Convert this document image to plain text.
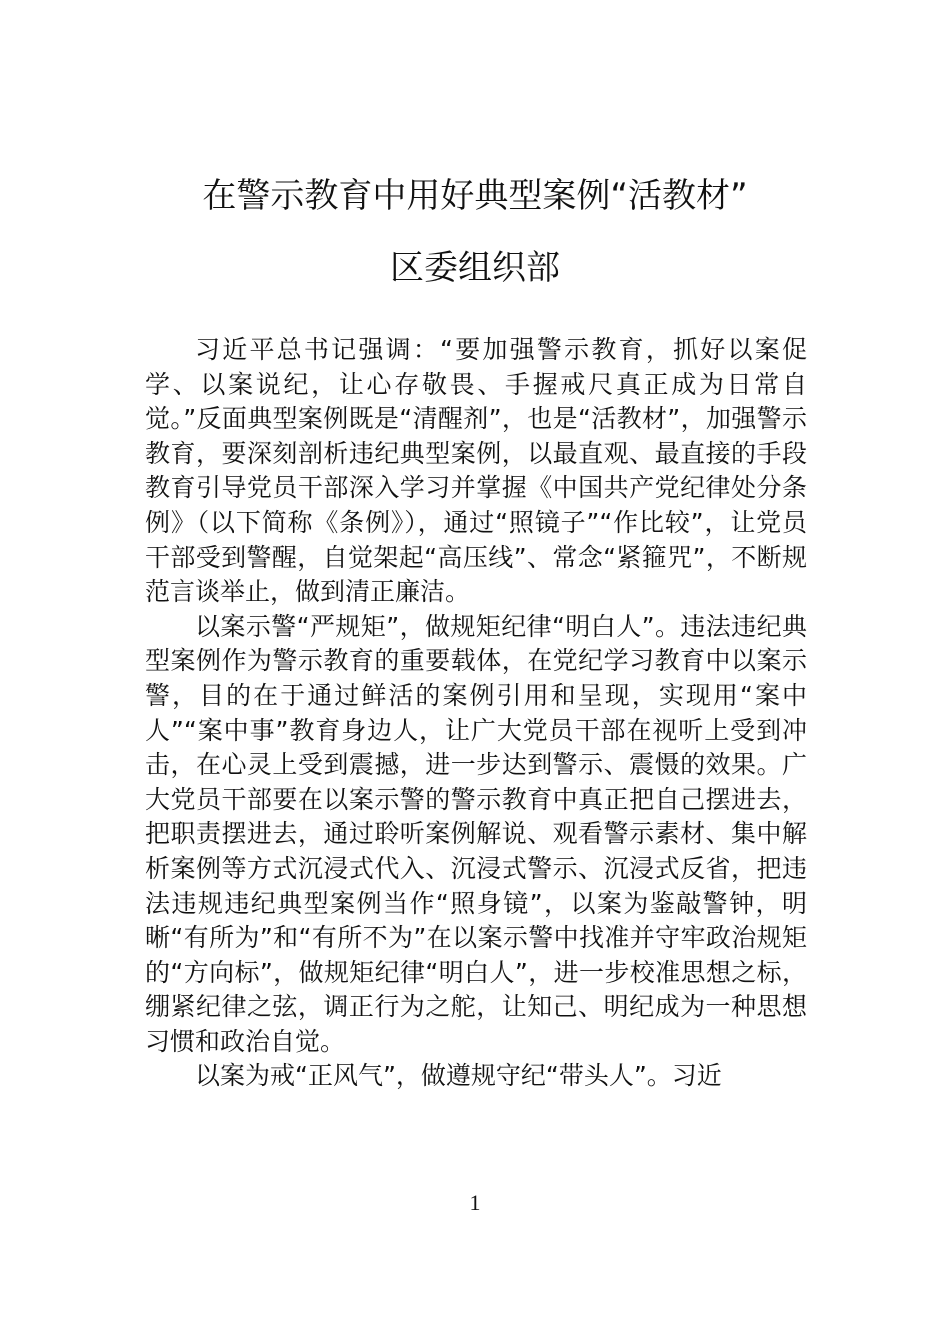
在警示教育中用好典型案例“活教材”
区委组织部

习近平总书记强调：“要加强警示教育，抓好以案促学、以案说纪，让心存敬畏、手握戒尺真正成为日常自觉。”反面典型案例既是“清醒剂”，也是“活教材”，加强警示教育，要深刻剖析违纪典型案例，以最直观、最直接的手段教育引导党员干部深入学习并掌握《中国共产党纪律处分条例》（以下简称《条例》），通过“照镜子”“作比较”，让党员干部受到警醒，自觉架起“高压线”、常念“紧箍咒”，不断规范言谈举止，做到清正廉洁。

以案示警“严规矩”，做规矩纪律“明白人”。违法违纪典型案例作为警示教育的重要载体，在党纪学习教育中以案示警，目的在于通过鲜活的案例引用和呈现，实现用“案中人”“案中事”教育身边人，让广大党员干部在视听上受到冲击，在心灵上受到震撼，进一步达到警示、震慑的效果。广大党员干部要在以案示警的警示教育中真正把自己摆进去，把职责摆进去，通过聆听案例解说、观看警示素材、集中解析案例等方式沉浸式代入、沉浸式警示、沉浸式反省，把违法违规违纪典型案例当作“照身镜”，以案为鉴敲警钟，明晰“有所为”和“有所不为”在以案示警中找准并守牢政治规矩的“方向标”，做规矩纪律“明白人”，进一步校准思想之标，绷紧纪律之弦，调正行为之舵，让知己、明纪成为一种思想习惯和政治自觉。

以案为戒“正风气”，做遵规守纪“带头人”。习近

1
